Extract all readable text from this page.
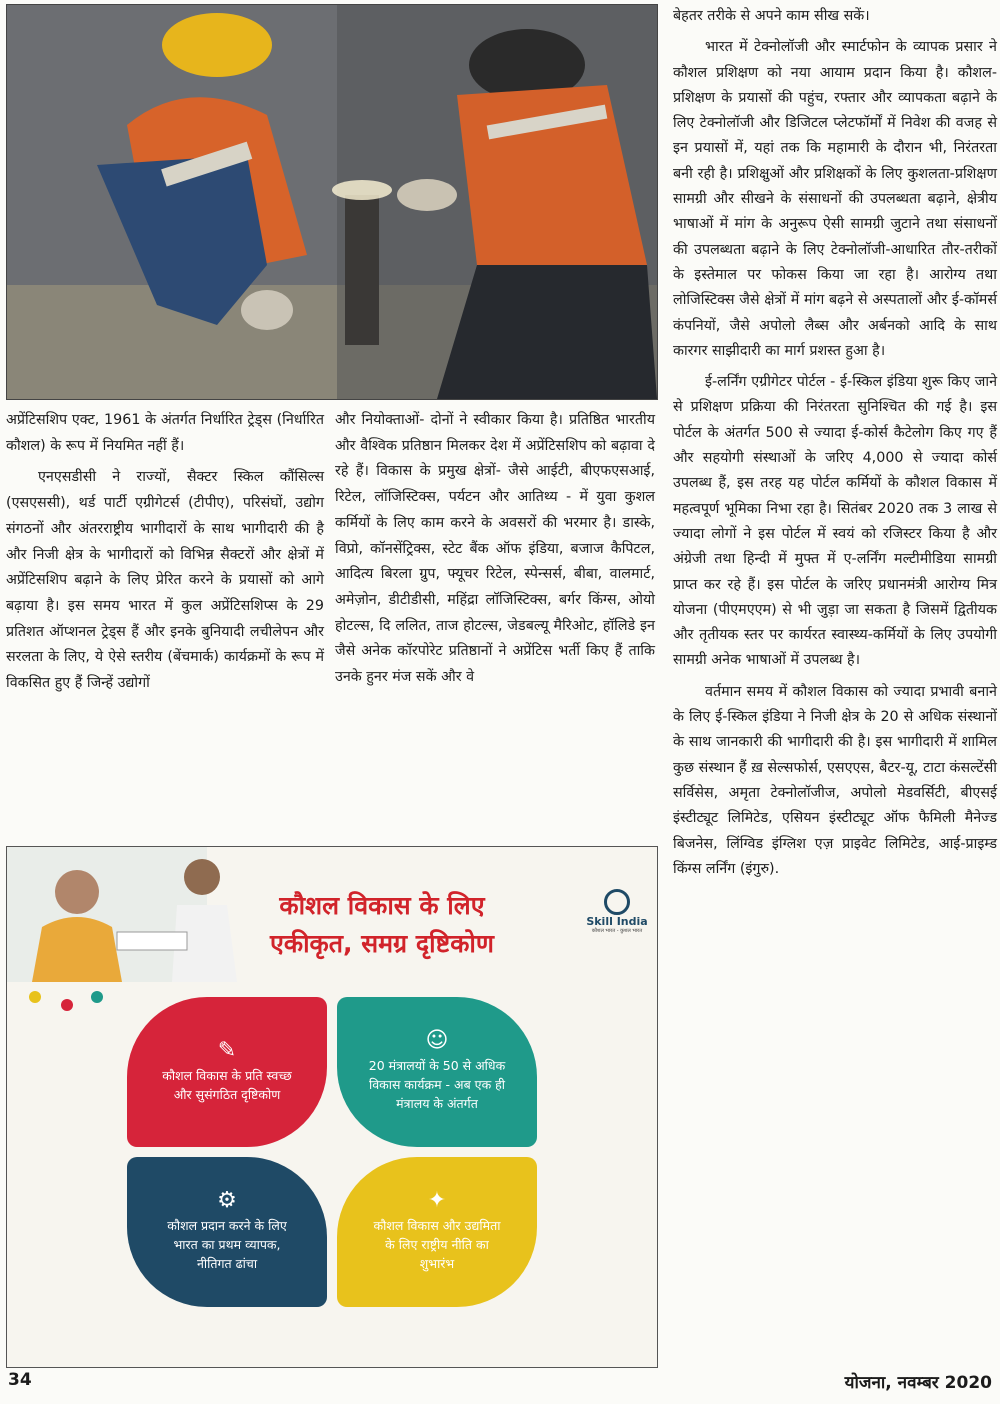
अप्रेंटिसशिप एक्ट, 1961 के अंतर्गत निर्धारित ट्रेड्स (निर्धारित कौशल) के रूप में नियमित नहीं हैं।

एनएसडीसी ने राज्यों, सैक्टर स्किल कौंसिल्स (एसएससी), थर्ड पार्टी एग्रीगेटर्स (टीपीए), परिसंघों, उद्योग संगठनों और अंतरराष्ट्रीय भागीदारों के साथ भागीदारी की है और निजी क्षेत्र के भागीदारों को विभिन्न सैक्टरों और क्षेत्रों में अप्रेंटिसशिप बढ़ाने के लिए प्रेरित करने के प्रयासों को आगे बढ़ाया है। इस समय भारत में कुल अप्रेंटिसशिप्स के 29 प्रतिशत ऑप्शनल ट्रेड्स हैं और इनके बुनियादी लचीलेपन और सरलता के लिए, ये ऐसे स्तरीय (बेंचमार्क) कार्यक्रमों के रूप में विकसित हुए हैं जिन्हें उद्योगों

और नियोक्ताओं- दोनों ने स्वीकार किया है। प्रतिष्ठित भारतीय और वैश्विक प्रतिष्ठान मिलकर देश में अप्रेंटिसशिप को बढ़ावा दे रहे हैं। विकास के प्रमुख क्षेत्रों- जैसे आईटी, बीएफएसआई, रिटेल, लॉजिस्टिक्स, पर्यटन और आतिथ्य - में युवा कुशल कर्मियों के लिए काम करने के अवसरों की भरमार है। डास्के, विप्रो, कॉनसेंट्रिक्स, स्टेट बैंक ऑफ इंडिया, बजाज कैपिटल, आदित्य बिरला ग्रुप, फ्यूचर रिटेल, स्पेन्सर्स, बीबा, वालमार्ट, अमेज़ोन, डीटीडीसी, महिंद्रा लॉजिस्टिक्स, बर्गर किंग्स, ओयो होटल्स, दि ललित, ताज होटल्स, जेडबल्यू मैरिओट, हॉलिडे इन जैसे अनेक कॉरपोरेट प्रतिष्ठानों ने अप्रेंटिस भर्ती किए हैं ताकि उनके हुनर मंज सकें और वे

बेहतर तरीके से अपने काम सीख सकें।

भारत में टेक्नोलॉजी और स्मार्टफोन के व्यापक प्रसार ने कौशल प्रशिक्षण को नया आयाम प्रदान किया है। कौशल-प्रशिक्षण के प्रयासों की पहुंच, रफ्तार और व्यापकता बढ़ाने के लिए टेक्नोलॉजी और डिजिटल प्लेटफॉर्मों में निवेश की वजह से इन प्रयासों में, यहां तक कि महामारी के दौरान भी, निरंतरता बनी रही है। प्रशिक्षुओं और प्रशिक्षकों के लिए कुशलता-प्रशिक्षण सामग्री और सीखने के संसाधनों की उपलब्धता बढ़ाने, क्षेत्रीय भाषाओं में मांग के अनुरूप ऐसी सामग्री जुटाने तथा संसाधनों की उपलब्धता बढ़ाने के लिए टेक्नोलॉजी-आधारित तौर-तरीकों के इस्तेमाल पर फोकस किया जा रहा है। आरोग्य तथा लोजिस्टिक्स जैसे क्षेत्रों में मांग बढ़ने से अस्पतालों और ई-कॉमर्स कंपनियों, जैसे अपोलो लैब्स और अर्बनको आदि के साथ कारगर साझीदारी का मार्ग प्रशस्त हुआ है।

ई-लर्निंग एग्रीगेटर पोर्टल - ई-स्किल इंडिया शुरू किए जाने से प्रशिक्षण प्रक्रिया की निरंतरता सुनिश्चित की गई है। इस पोर्टल के अंतर्गत 500 से ज्यादा ई-कोर्स कैटेलोग किए गए हैं और सहयोगी संस्थाओं के जरिए 4,000 से ज्यादा कोर्स उपलब्ध हैं, इस तरह यह पोर्टल कर्मियों के कौशल विकास में महत्वपूर्ण भूमिका निभा रहा है। सितंबर 2020 तक 3 लाख से ज्यादा लोगों ने इस पोर्टल में स्वयं को रजिस्टर किया है और अंग्रेजी तथा हिन्दी में मुफ्त में ए-लर्निंग मल्टीमीडिया सामग्री प्राप्त कर रहे हैं। इस पोर्टल के जरिए प्रधानमंत्री आरोग्य मित्र योजना (पीएमएएम) से भी जुड़ा जा सकता है जिसमें द्वितीयक और तृतीयक स्तर पर कार्यरत स्वास्थ्य-कर्मियों के लिए उपयोगी सामग्री अनेक भाषाओं में उपलब्ध है।

वर्तमान समय में कौशल विकास को ज्यादा प्रभावी बनाने के लिए ई-स्किल इंडिया ने निजी क्षेत्र के 20 से अधिक संस्थानों के साथ जानकारी की भागीदारी की है। इस भागीदारी में शामिल कुछ संस्थान हैं ख़ सेल्सफोर्स, एसएएस, बैटर-यू, टाटा कंसल्टेंसी सर्विसेस, अमृता टेक्नोलॉजीज, अपोलो मेडवर्सिटी, बीएसई इंस्टीट्यूट लिमिटेड, एसियन इंस्टीट्यूट ऑफ फैमिली मैनेज्ड बिजनेस, लिंग्विड इंग्लिश एज़ प्राइवेट लिमिटेड, आई-प्राइम्ड किंग्स लर्निंग (इंगुरु).

कौशल विकास के लिए
एकीकृत, समग्र दृष्टिकोण
Skill India
कौशल भारत - कुशल भारत
✎
कौशल विकास के प्रति स्वच्छ और सुसंगठित दृष्टिकोण
☺
20 मंत्रालयों के 50 से अधिक विकास कार्यक्रम - अब एक ही मंत्रालय के अंतर्गत
⚙
कौशल प्रदान करने के लिए भारत का प्रथम व्यापक, नीतिगत ढांचा
✦
कौशल विकास और उद्यमिता के लिए राष्ट्रीय नीति का शुभारंभ
34	योजना, नवम्बर 2020
